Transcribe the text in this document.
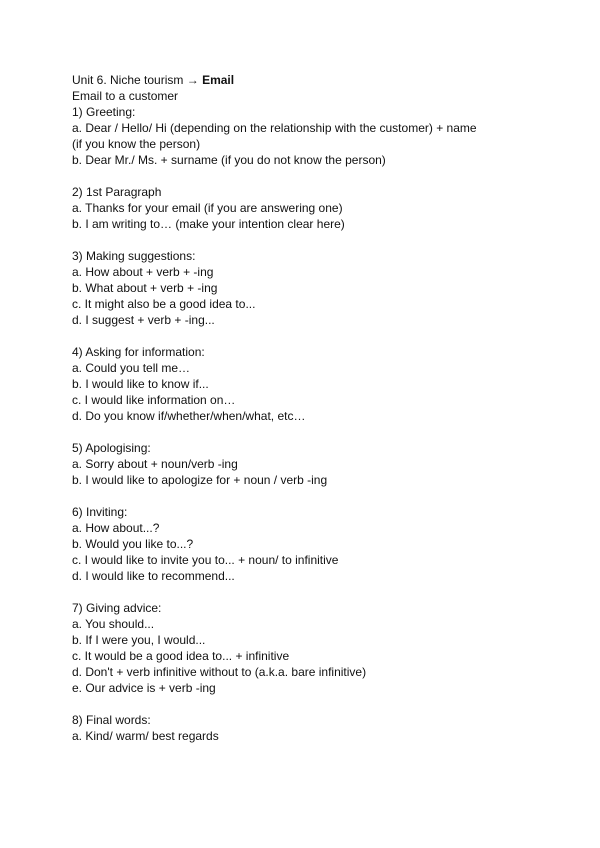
Unit 6. Niche tourism → Email
Email to a customer
1) Greeting:
a. Dear / Hello/ Hi (depending on the relationship with the customer) + name
(if you know the person)
b. Dear Mr./ Ms. + surname (if you do not know the person)
2) 1st Paragraph
a. Thanks for your email (if you are answering one)
b. I am writing to… (make your intention clear here)
3) Making suggestions:
a. How about + verb + -ing
b. What about + verb + -ing
c. It might also be a good idea to...
d. I suggest + verb + -ing...
4) Asking for information:
a. Could you tell me…
b. I would like to know if...
c. I would like information on…
d. Do you know if/whether/when/what, etc…
5) Apologising:
a. Sorry about + noun/verb -ing
b. I would like to apologize for + noun / verb -ing
6) Inviting:
a. How about...?
b. Would you like to...?
c. I would like to invite you to... + noun/ to infinitive
d. I would like to recommend...
7) Giving advice:
a. You should...
b. If I were you, I would...
c. It would be a good idea to... + infinitive
d. Don't + verb infinitive without to (a.k.a. bare infinitive)
e. Our advice is + verb -ing
8) Final words:
a. Kind/ warm/ best regards
